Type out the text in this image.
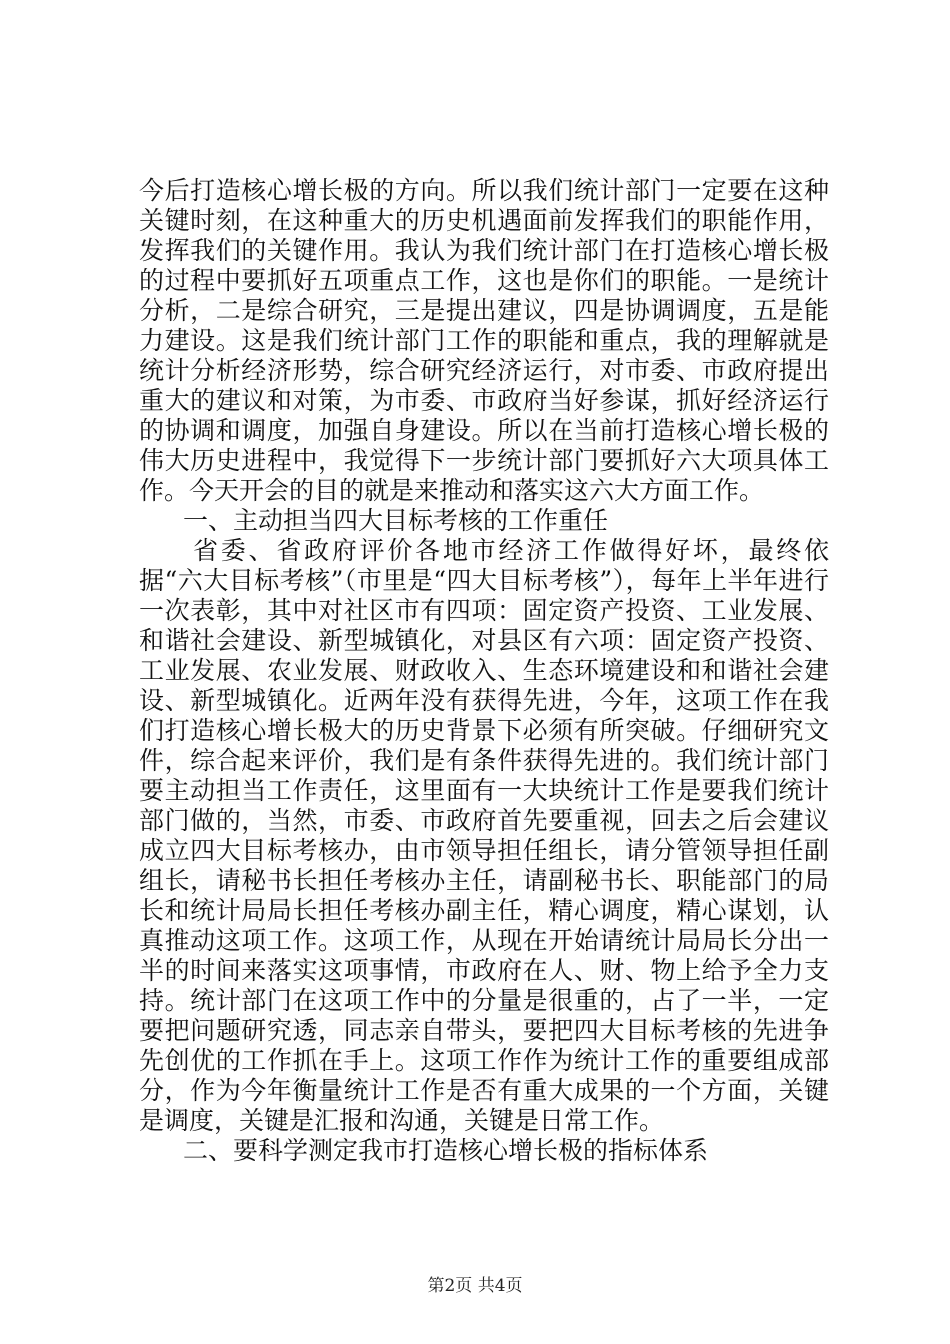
今后打造核心增长极的方向。所以我们统计部门一定要在这种关键时刻，在这种重大的历史机遇面前发挥我们的职能作用，发挥我们的关键作用。我认为我们统计部门在打造核心增长极的过程中要抓好五项重点工作，这也是你们的职能。一是统计分析，二是综合研究，三是提出建议，四是协调调度，五是能力建设。这是我们统计部门工作的职能和重点，我的理解就是统计分析经济形势，综合研究经济运行，对市委、市政府提出重大的建议和对策，为市委、市政府当好参谋，抓好经济运行的协调和调度，加强自身建设。所以在当前打造核心增长极的伟大历史进程中，我觉得下一步统计部门要抓好六大项具体工作。今天开会的目的就是来推动和落实这六大方面工作。

一、主动担当四大目标考核的工作重任

省委、省政府评价各地市经济工作做得好坏，最终依据“六大目标考核”（市里是“四大目标考核”），每年上半年进行一次表彰，其中对社区市有四项：固定资产投资、工业发展、和谐社会建设、新型城镇化，对县区有六项：固定资产投资、工业发展、农业发展、财政收入、生态环境建设和和谐社会建设、新型城镇化。近两年没有获得先进，今年，这项工作在我们打造核心增长极大的历史背景下必须有所突破。仔细研究文件，综合起来评价，我们是有条件获得先进的。我们统计部门要主动担当工作责任，这里面有一大块统计工作是要我们统计部门做的，当然，市委、市政府首先要重视，回去之后会建议成立四大目标考核办，由市领导担任组长，请分管领导担任副组长，请秘书长担任考核办主任，请副秘书长、职能部门的局长和统计局局长担任考核办副主任，精心调度，精心谋划，认真推动这项工作。这项工作，从现在开始请统计局局长分出一半的时间来落实这项事情，市政府在人、财、物上给予全力支持。统计部门在这项工作中的分量是很重的，占了一半，一定要把问题研究透，同志亲自带头，要把四大目标考核的先进争先创优的工作抓在手上。这项工作作为统计工作的重要组成部分，作为今年衡量统计工作是否有重大成果的一个方面，关键是调度，关键是汇报和沟通，关键是日常工作。

二、要科学测定我市打造核心增长极的指标体系

第2页 共4页
